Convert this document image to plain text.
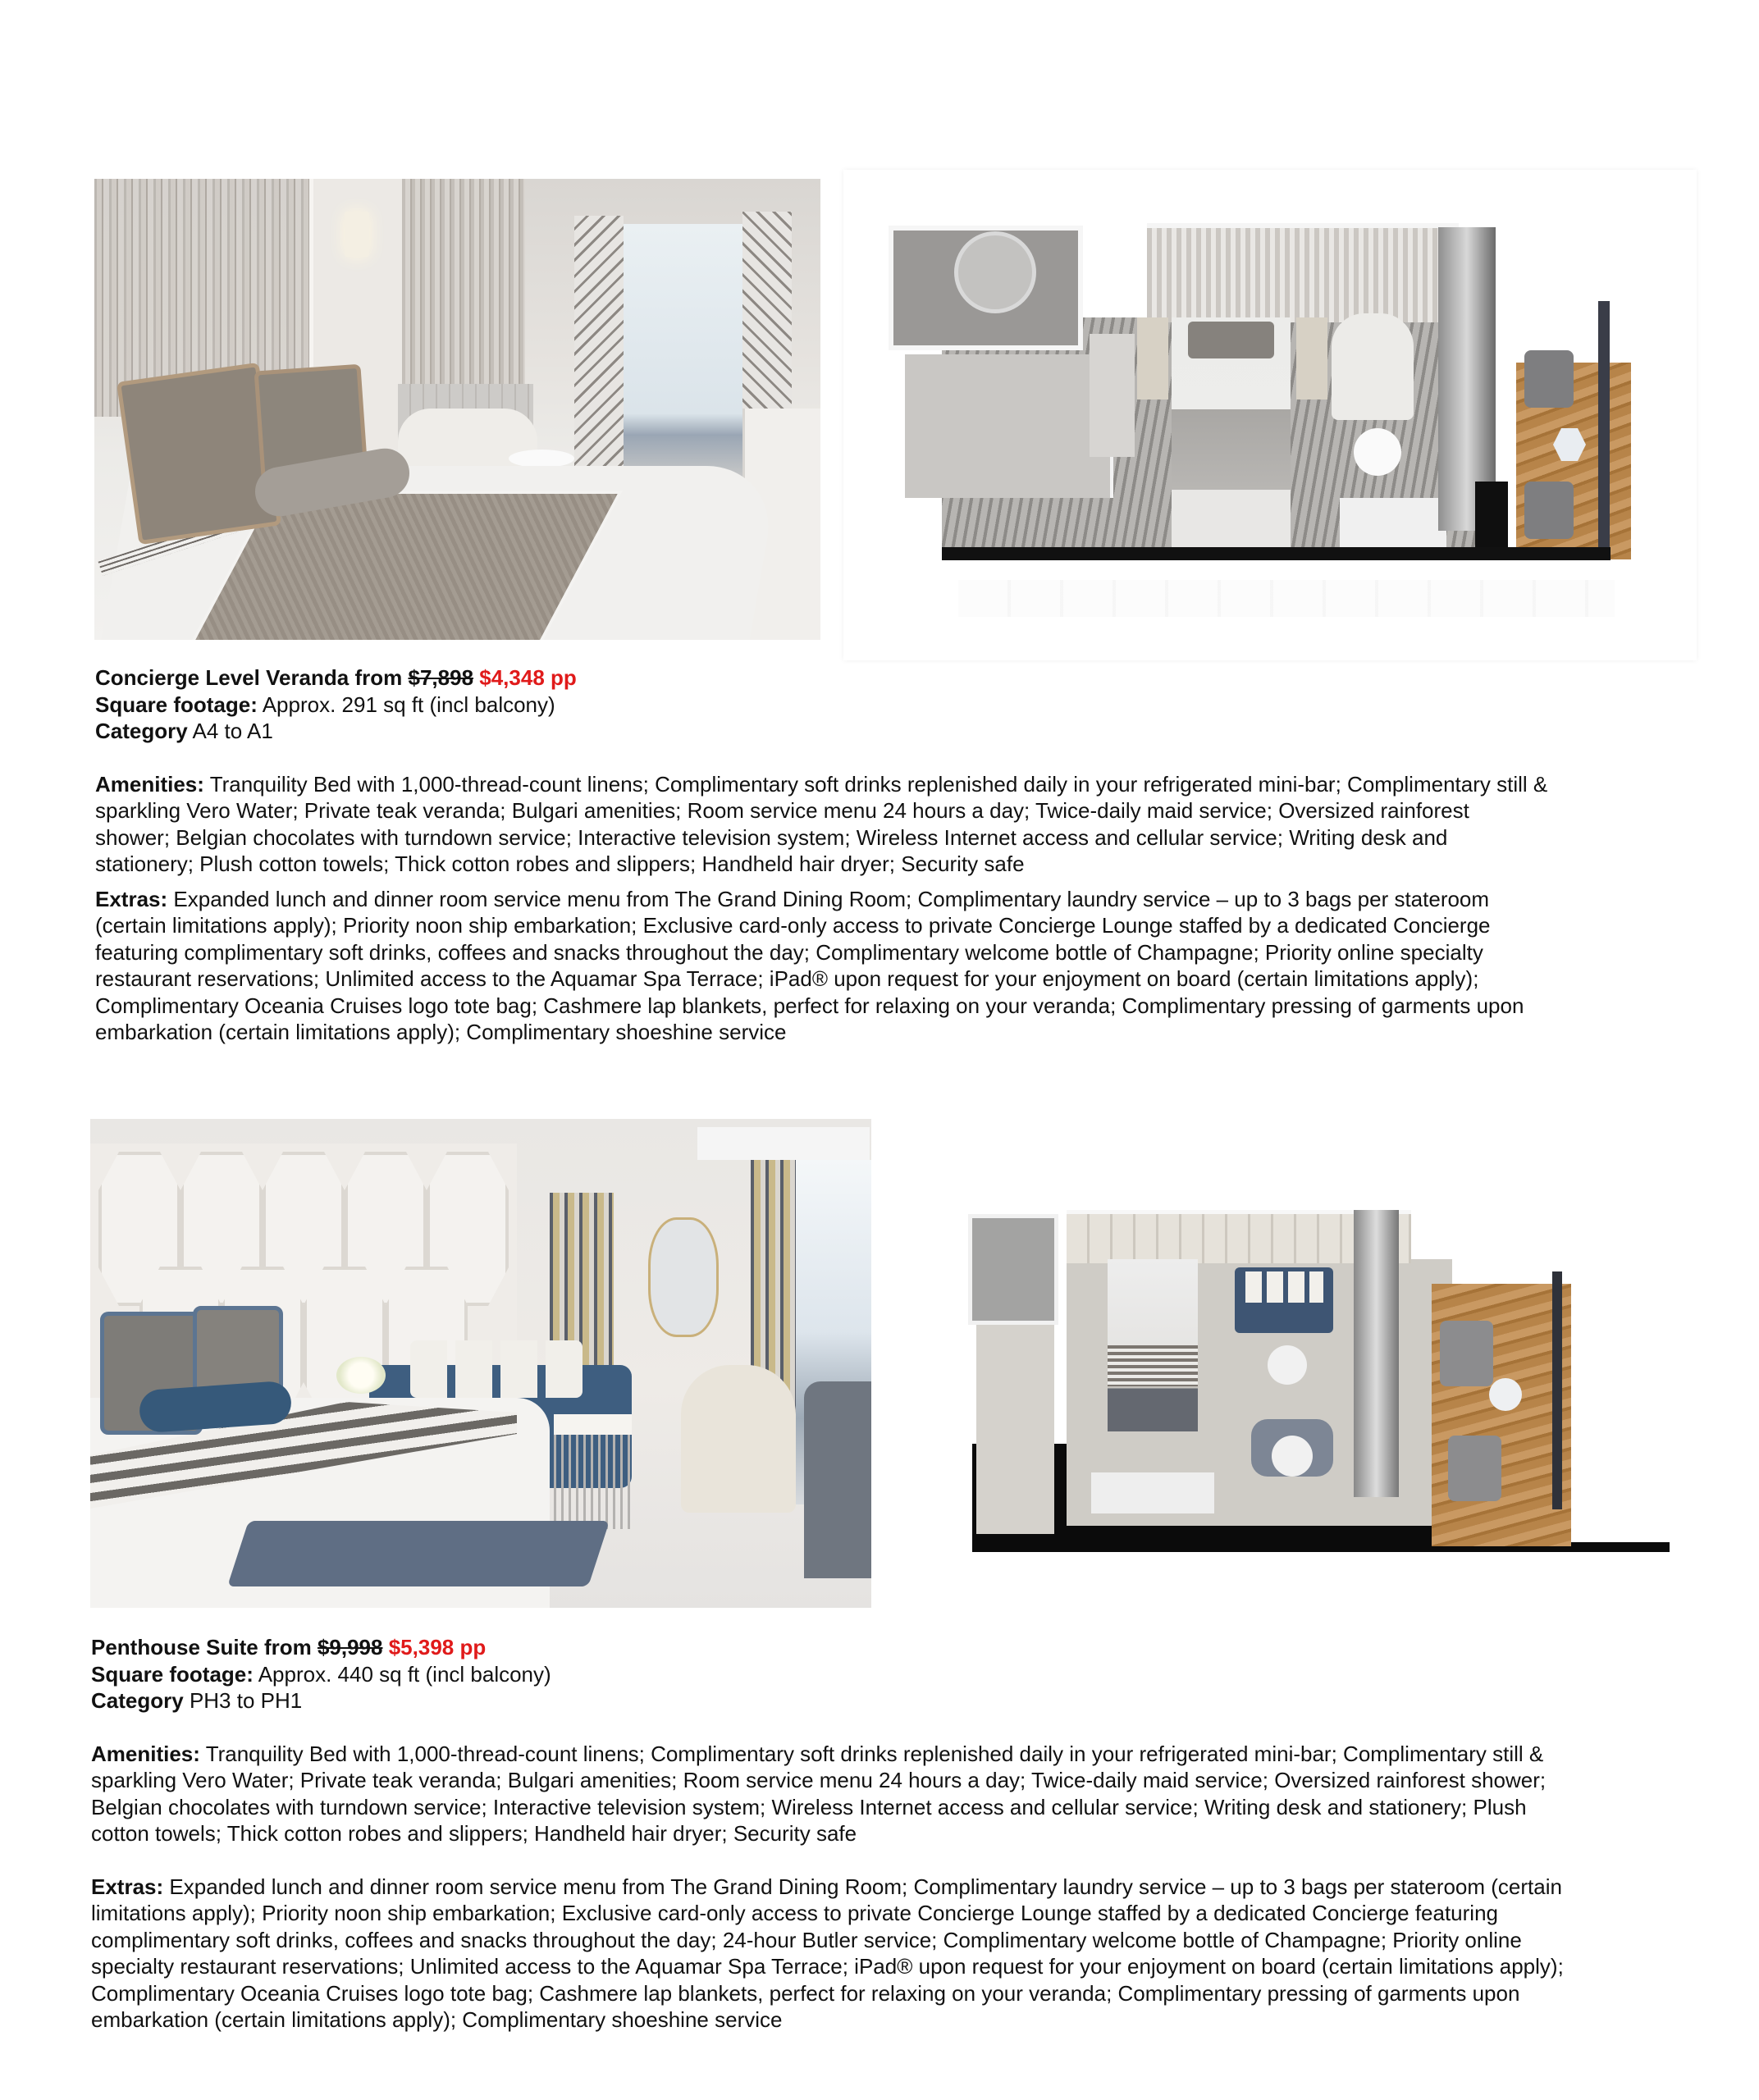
Concierge Level Veranda from $7,898 $4,348 pp
Square footage: Approx. 291 sq ft (incl balcony)
Category A4 to A1
Amenities: Tranquility Bed with 1,000-thread-count linens; Complimentary soft drinks replenished daily in your refrigerated mini-bar; Complimentary still &
sparkling Vero Water; Private teak veranda; Bulgari amenities; Room service menu 24 hours a day; Twice-daily maid service; Oversized rainforest
shower; Belgian chocolates with turndown service; Interactive television system; Wireless Internet access and cellular service; Writing desk and
stationery; Plush cotton towels; Thick cotton robes and slippers; Handheld hair dryer; Security safe
Extras: Expanded lunch and dinner room service menu from The Grand Dining Room; Complimentary laundry service – up to 3 bags per stateroom
(certain limitations apply); Priority noon ship embarkation; Exclusive card-only access to private Concierge Lounge staffed by a dedicated Concierge
featuring complimentary soft drinks, coffees and snacks throughout the day; Complimentary welcome bottle of Champagne; Priority online specialty
restaurant reservations; Unlimited access to the Aquamar Spa Terrace; iPad® upon request for your enjoyment on board (certain limitations apply);
Complimentary Oceania Cruises logo tote bag; Cashmere lap blankets, perfect for relaxing on your veranda; Complimentary pressing of garments upon
embarkation (certain limitations apply); Complimentary shoeshine service
Penthouse Suite from $9,998 $5,398 pp
Square footage: Approx. 440 sq ft (incl balcony)
Category PH3 to PH1
Amenities: Tranquility Bed with 1,000-thread-count linens; Complimentary soft drinks replenished daily in your refrigerated mini-bar; Complimentary still &
sparkling Vero Water; Private teak veranda; Bulgari amenities; Room service menu 24 hours a day; Twice-daily maid service; Oversized rainforest shower;
Belgian chocolates with turndown service; Interactive television system; Wireless Internet access and cellular service; Writing desk and stationery; Plush
cotton towels; Thick cotton robes and slippers; Handheld hair dryer; Security safe
Extras: Expanded lunch and dinner room service menu from The Grand Dining Room; Complimentary laundry service – up to 3 bags per stateroom (certain
limitations apply); Priority noon ship embarkation; Exclusive card-only access to private Concierge Lounge staffed by a dedicated Concierge featuring
complimentary soft drinks, coffees and snacks throughout the day; 24-hour Butler service; Complimentary welcome bottle of Champagne; Priority online
specialty restaurant reservations; Unlimited access to the Aquamar Spa Terrace; iPad® upon request for your enjoyment on board (certain limitations apply);
Complimentary Oceania Cruises logo tote bag; Cashmere lap blankets, perfect for relaxing on your veranda; Complimentary pressing of garments upon
embarkation (certain limitations apply); Complimentary shoeshine service
